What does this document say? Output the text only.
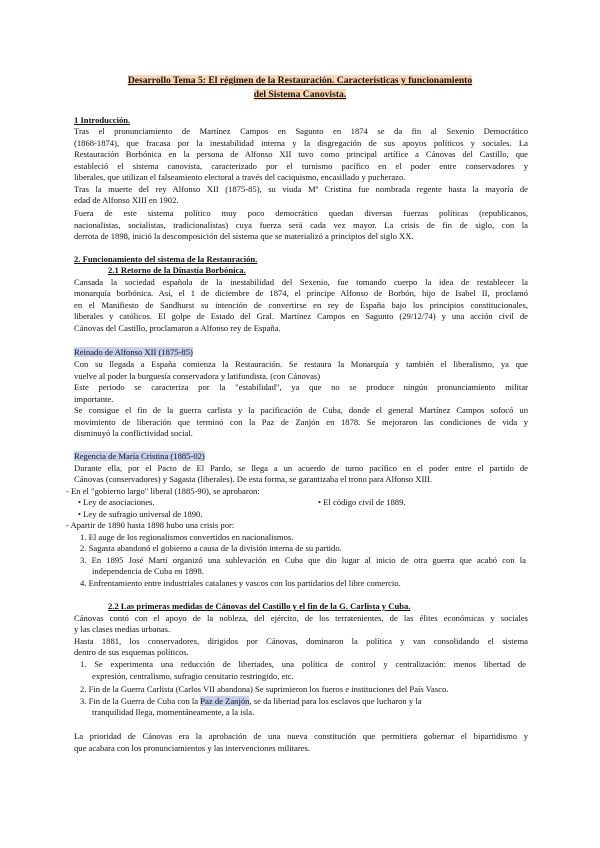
Desarrollo Tema 5: El régimen de la Restauración. Características y funcionamiento
del Sistema Canovista.
1 Introducción.
Tras el pronunciamiento de Martínez Campos en Sagunto en 1874 se da fin al Sexenio Democrático
(1868-1874), que fracasa por la inestabilidad interna y la disgregación de sus apoyos políticos y sociales. La
Restauración Borbónica en la persona de Alfonso XII tuvo como principal artífice a Cánovas del Castillo, que
estableció el sistema canovista, caracterizado por el turnismo pacífico en el poder entre conservadores y
liberales, que utilizan el falseamiento electoral a través del caciquismo, encasillado y pucherazo.
Tras la muerte del rey Alfonso XII (1875-85), su viuda Mª Cristina fue nombrada regente hasta la mayoría de
edad de Alfonso XIII en 1902.
Fuera de este sistema político muy poco democrático quedan diversas fuerzas políticas (republicanos,
nacionalistas, socialistas, tradicionalistas) cuya fuerza será cada vez mayor. La crisis de fin de siglo, con la
derrota de 1898, inició la descomposición del sistema que se materializó a principios del siglo XX.
2. Funcionamiento del sistema de la Restauración.
2.1 Retorno de la Dinastía Borbónica.
Cansada la sociedad española de la inestabilidad del Sexenio, fue tomando cuerpo la idea de restablecer la
monarquía borbónica. Así, el 1 de diciembre de 1874, el príncipe Alfonso de Borbón, hijo de Isabel II, proclamó
en el Manifiesto de Sandhurst su intención de convertirse en rey de España bajo los principios constitucionales,
liberales y católicos. El golpe de Estado del Gral. Martínez Campos en Sagunto (29/12/74) y una acción civil de
Cánovas del Castillo, proclamaron a Alfonso rey de España.
Reinado de Alfonso XII (1875-85)
Con su llegada a España comienza la Restauración. Se restaura la Monarquía y también el liberalismo, ya que
vuelve al poder la burguesía conservadora y latifundista. (con Cánovas)
Este periodo se caracteriza por la "estabilidad", ya que no se produce ningún pronunciamiento militar
importante.
Se consigue el fin de la guerra carlista y la pacificación de Cuba, donde el general Martínez Campos sofocó un
movimiento de liberación que terminó con la Paz de Zanjón en 1878. Se mejoraron las condiciones de vida y
disminuyó la conflictividad social.
Regencia de María Cristina (1885-02)
Durante ella, por el Pacto de El Pardo, se llega a un acuerdo de turno pacífico en el poder entre el partido de
Cánovas (conservadores) y Sagasta (liberales). De esta forma, se garantizaba el trono para Alfonso XIII.
- En el "gobierno largo" liberal (1885-90), se aprobaron:
• Ley de asociaciones.	• El código civil de 1889.
• Ley de sufragio universal de 1890.
- Apartir de 1890 hasta 1898 hubo una crisis por:
1. El auge de los regionalismos convertidos en nacionalismos.
2. Sagasta abandonó el gobierno a causa de la división interna de su partido.
3. En 1895 José Martí organizó una sublevación en Cuba que dio lugar al inicio de otra guerra que acabó con la
independencia de Cuba en 1898.
4. Enfrentamiento entre industriales catalanes y vascos con los partidarios del libre comercio.
2.2 Las primeras medidas de Cánovas del Castillo y el fin de la G. Carlista y Cuba.
Cánovas contó con el apoyo de la nobleza, del ejército, de los terratenientes, de las élites económicas y sociales
y las clases medias urbanas.
Hasta 1881, los conservadores, dirigidos por Cánovas, dominaron la política y van consolidando el sistema
dentro de sus esquemas políticos.
1. Se experimenta una reducción de libertades, una política de control y centralización: menos libertad de
expresión, centralismo, sufragio censitario restringido, etc.
2. Fin de la Guerra Carlista (Carlos VII abandona) Se suprimieron los fueros e instituciones del País Vasco.
3. Fin de la Guerra de Cuba con la Paz de Zanjón, se da libertad para los esclavos que lucharon y la
tranquilidad llega, momentáneamente, a la isla.
La prioridad de Cánovas era la aprobación de una nueva constitución que permitiera gobernar el bipartidismo y
que acabara con los pronunciamientos y las intervenciones militares.
